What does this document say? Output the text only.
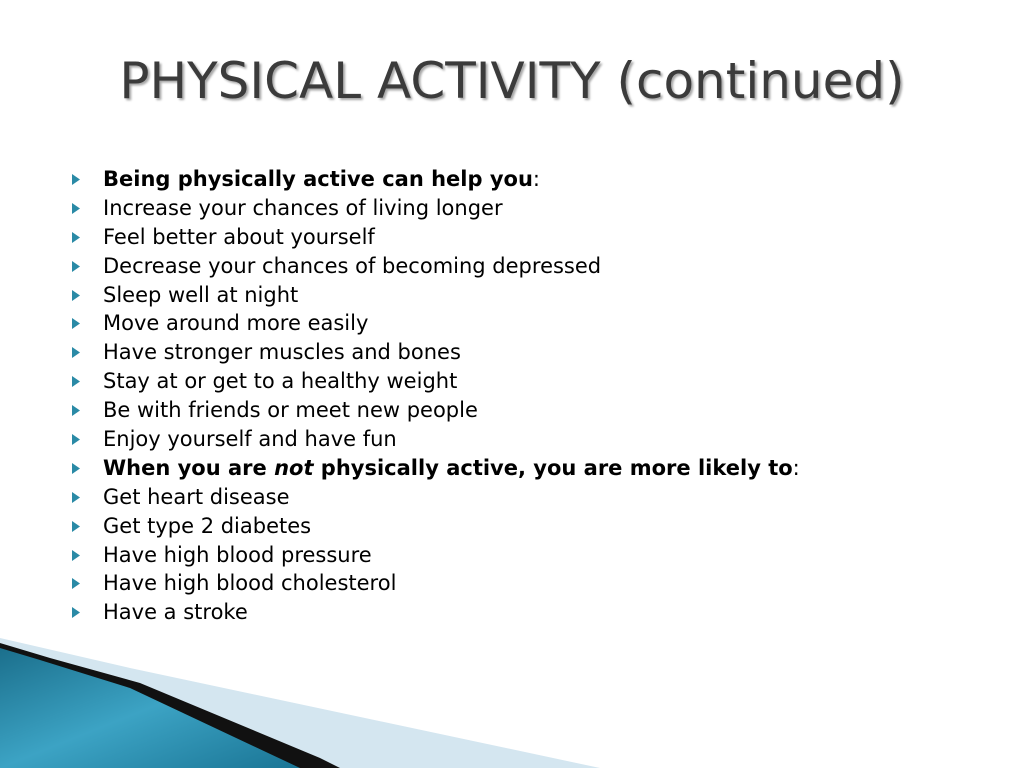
PHYSICAL ACTIVITY (continued)
Being physically active can help you :
Increase your chances of living longer
Feel better about yourself
Decrease your chances of becoming depressed
Sleep well at night
Move around more easily
Have stronger muscles and bones
Stay at or get to a healthy weight
Be with friends or meet new people
Enjoy yourself and have fun
When you are not physically active, you are more likely to :
Get heart disease
Get type 2 diabetes
Have high blood pressure
Have high blood cholesterol
Have a stroke
